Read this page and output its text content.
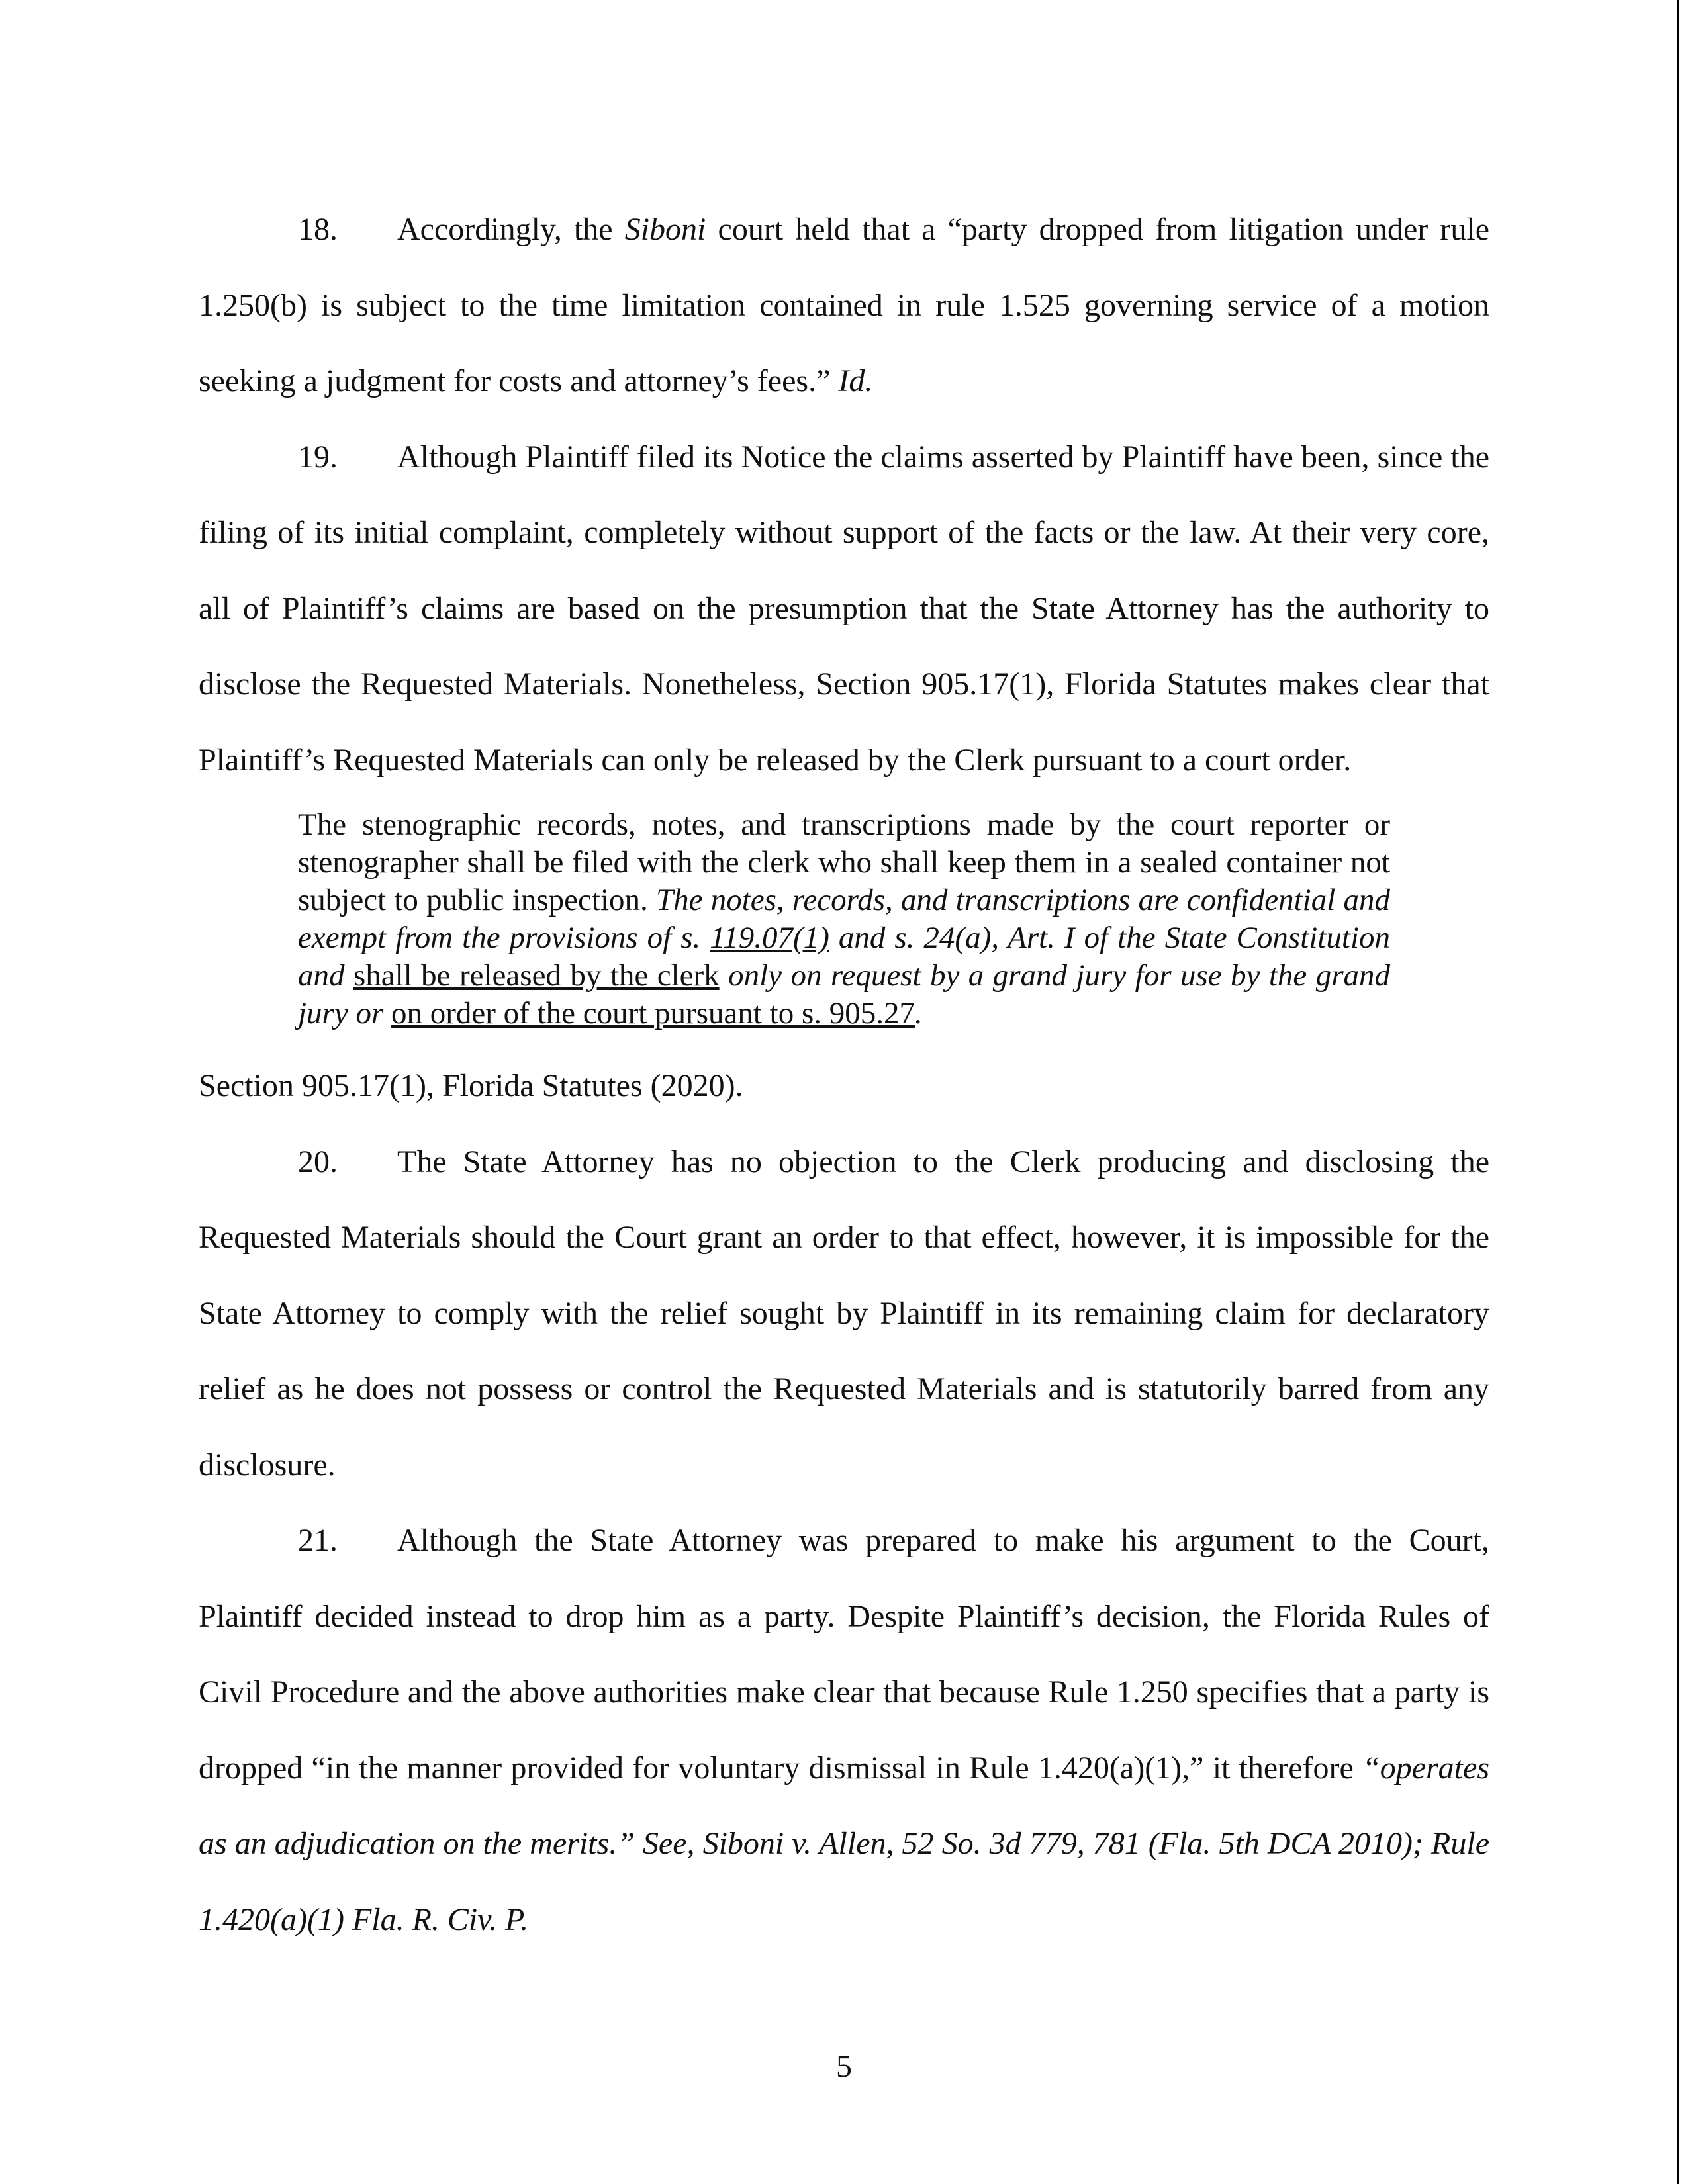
18. Accordingly, the Siboni court held that a “party dropped from litigation under rule 1.250(b) is subject to the time limitation contained in rule 1.525 governing service of a motion seeking a judgment for costs and attorney’s fees.” Id.

19. Although Plaintiff filed its Notice the claims asserted by Plaintiff have been, since the filing of its initial complaint, completely without support of the facts or the law. At their very core, all of Plaintiff’s claims are based on the presumption that the State Attorney has the authority to disclose the Requested Materials. Nonetheless, Section 905.17(1), Florida Statutes makes clear that Plaintiff’s Requested Materials can only be released by the Clerk pursuant to a court order.

The stenographic records, notes, and transcriptions made by the court reporter or stenographer shall be filed with the clerk who shall keep them in a sealed container not subject to public inspection. The notes, records, and transcriptions are confidential and exempt from the provisions of s. 119.07(1) and s. 24(a), Art. I of the State Constitution and shall be released by the clerk only on request by a grand jury for use by the grand jury or on order of the court pursuant to s. 905.27.

Section 905.17(1), Florida Statutes (2020).

20. The State Attorney has no objection to the Clerk producing and disclosing the Requested Materials should the Court grant an order to that effect, however, it is impossible for the State Attorney to comply with the relief sought by Plaintiff in its remaining claim for declaratory relief as he does not possess or control the Requested Materials and is statutorily barred from any disclosure.

21. Although the State Attorney was prepared to make his argument to the Court, Plaintiff decided instead to drop him as a party. Despite Plaintiff’s decision, the Florida Rules of Civil Procedure and the above authorities make clear that because Rule 1.250 specifies that a party is dropped “in the manner provided for voluntary dismissal in Rule 1.420(a)(1),” it therefore “operates as an adjudication on the merits.” See, Siboni v. Allen, 52 So. 3d 779, 781 (Fla. 5th DCA 2010); Rule 1.420(a)(1) Fla. R. Civ. P.

5
